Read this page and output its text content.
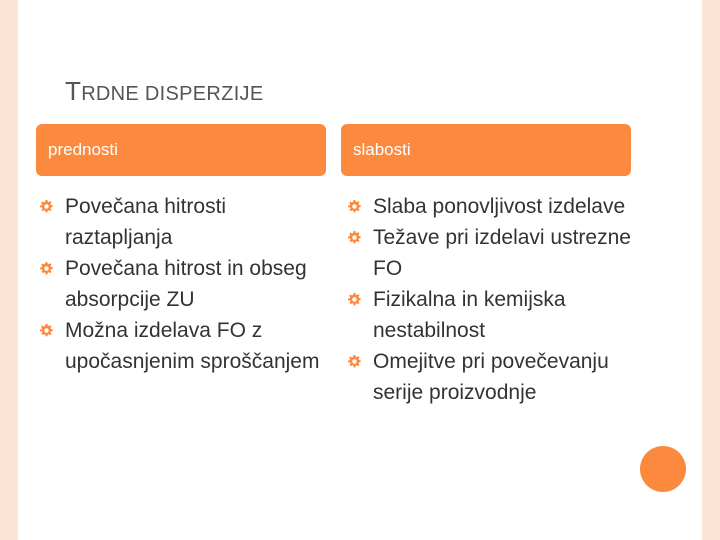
TRDNE DISPERZIJE
prednosti	slabosti
Povečana hitrosti raztapljanja
Povečana hitrost in obseg absorpcije ZU
Možna izdelava FO z upočasnjenim sproščanjem
Slaba ponovljivost izdelave
Težave pri izdelavi ustrezne FO
Fizikalna in kemijska nestabilnost
Omejitve pri povečevanju serije proizvodnje
